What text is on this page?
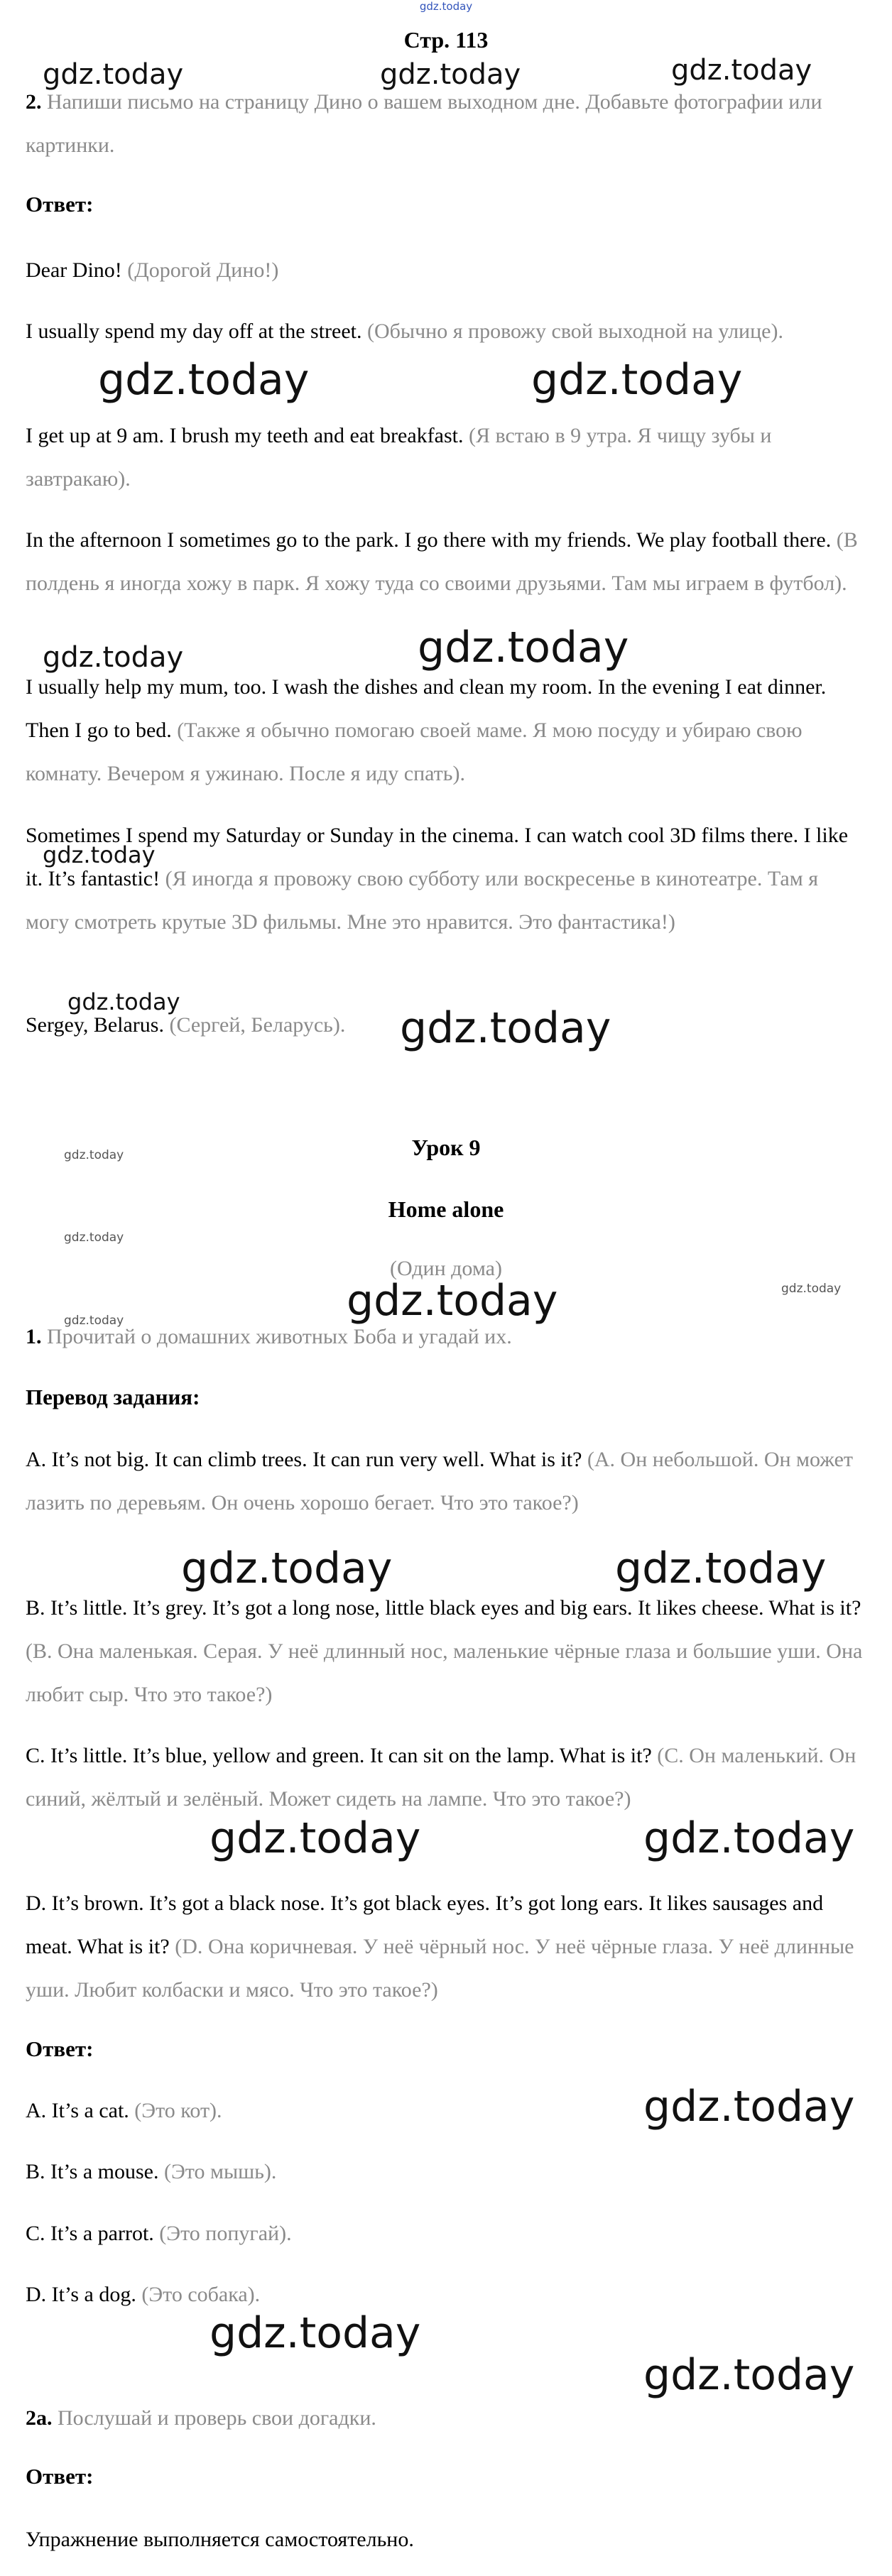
gdz.today
Стр. 113

2. Напиши письмо на страницу Дино о вашем выходном дне. Добавьте фотографии или картинки.

Ответ:

Dear Dino! (Дорогой Дино!)

I usually spend my day off at the street. (Обычно я провожу свой выходной на улице).

I get up at 9 am. I brush my teeth and eat breakfast. (Я встаю в 9 утра. Я чищу зубы и завтракаю).

In the afternoon I sometimes go to the park. I go there with my friends. We play football there. (В полдень я иногда хожу в парк. Я хожу туда со своими друзьями. Там мы играем в футбол).

I usually help my mum, too. I wash the dishes and clean my room. In the evening I eat dinner. Then I go to bed. (Также я обычно помогаю своей маме. Я мою посуду и убираю свою комнату. Вечером я ужинаю. После я иду спать).

Sometimes I spend my Saturday or Sunday in the cinema. I can watch cool 3D films there. I like it. It’s fantastic! (Я иногда я провожу свою субботу или воскресенье в кинотеатре. Там я могу смотреть крутые 3D фильмы. Мне это нравится. Это фантастика!)

Sergey, Belarus. (Сергей, Беларусь).

Урок 9
Home alone
(Один дома)

1. Прочитай о домашних животных Боба и угадай их.

Перевод задания:

A. It’s not big. It can climb trees. It can run very well. What is it? (А. Он небольшой. Он может лазить по деревьям. Он очень хорошо бегает. Что это такое?)

B. It’s little. It’s grey. It’s got a long nose, little black eyes and big ears. It likes cheese. What is it? (В. Она маленькая. Серая. У неё длинный нос, маленькие чёрные глаза и большие уши. Она любит сыр. Что это такое?)

C. It’s little. It’s blue, yellow and green. It can sit on the lamp. What is it? (С. Он маленький. Он синий, жёлтый и зелёный. Может сидеть на лампе. Что это такое?)

D. It’s brown. It’s got a black nose. It’s got black eyes. It’s got long ears. It likes sausages and meat. What is it? (D. Она коричневая. У неё чёрный нос. У неё чёрные глаза. У неё длинные уши. Любит колбаски и мясо. Что это такое?)

Ответ:

A. It’s a cat. (Это кот).

B. It’s a mouse. (Это мышь).

C. It’s a parrot. (Это попугай).

D. It’s a dog. (Это собака).

2a. Послушай и проверь свои догадки.

Ответ:

Упражнение выполняется самостоятельно.

gdz.today	gdz.today	gdz.today
gdz.today	gdz.today
gdz.today	gdz.today
gdz.today
gdz.today
gdz.today
gdz.today
gdz.today
gdz.today
gdz.today	gdz.today
gdz.today	gdz.today
gdz.today	gdz.today
gdz.today
gdz.today
gdz.today
